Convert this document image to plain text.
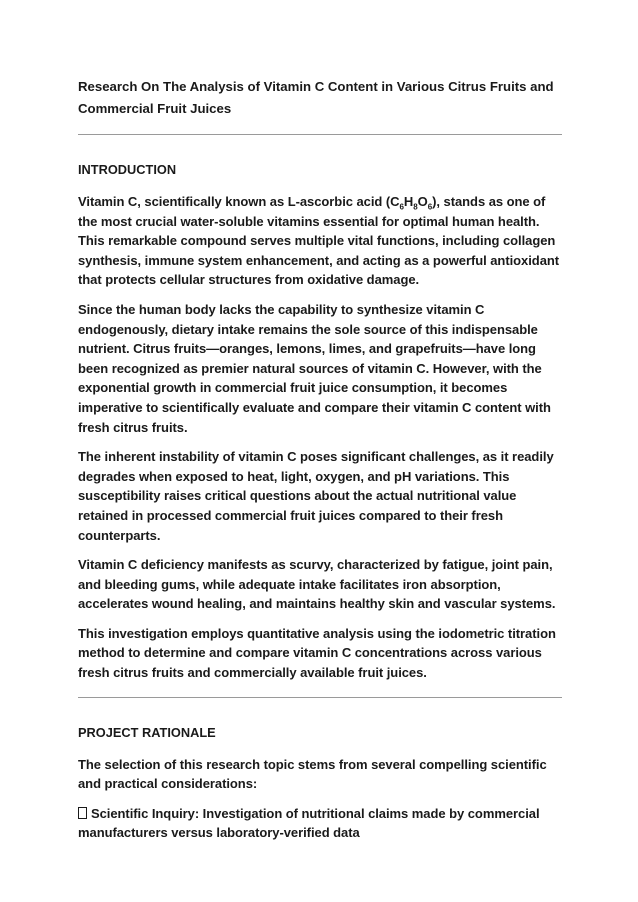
Research On The Analysis of Vitamin C Content in Various Citrus Fruits and Commercial Fruit Juices

INTRODUCTION

Vitamin C, scientifically known as L-ascorbic acid $(C_6H_8O_6)$, stands as one of the most crucial water-soluble vitamins essential for optimal human health. This remarkable compound serves multiple vital functions, including collagen synthesis, immune system enhancement, and acting as a powerful antioxidant that protects cellular structures from oxidative damage.

Since the human body lacks the capability to synthesize vitamin C endogenously, dietary intake remains the sole source of this indispensable nutrient. Citrus fruits—oranges, lemons, limes, and grapefruits—have long been recognized as premier natural sources of vitamin C. However, with the exponential growth in commercial fruit juice consumption, it becomes imperative to scientifically evaluate and compare their vitamin C content with fresh citrus fruits.

The inherent instability of vitamin C poses significant challenges, as it readily degrades when exposed to heat, light, oxygen, and pH variations. This susceptibility raises critical questions about the actual nutritional value retained in processed commercial fruit juices compared to their fresh counterparts.

Vitamin C deficiency manifests as scurvy, characterized by fatigue, joint pain, and bleeding gums, while adequate intake facilitates iron absorption, accelerates wound healing, and maintains healthy skin and vascular systems.

This investigation employs quantitative analysis using the iodometric titration method to determine and compare vitamin C concentrations across various fresh citrus fruits and commercially available fruit juices.

PROJECT RATIONALE

The selection of this research topic stems from several compelling scientific and practical considerations:

Scientific Inquiry: Investigation of nutritional claims made by commercial manufacturers versus laboratory-verified data
